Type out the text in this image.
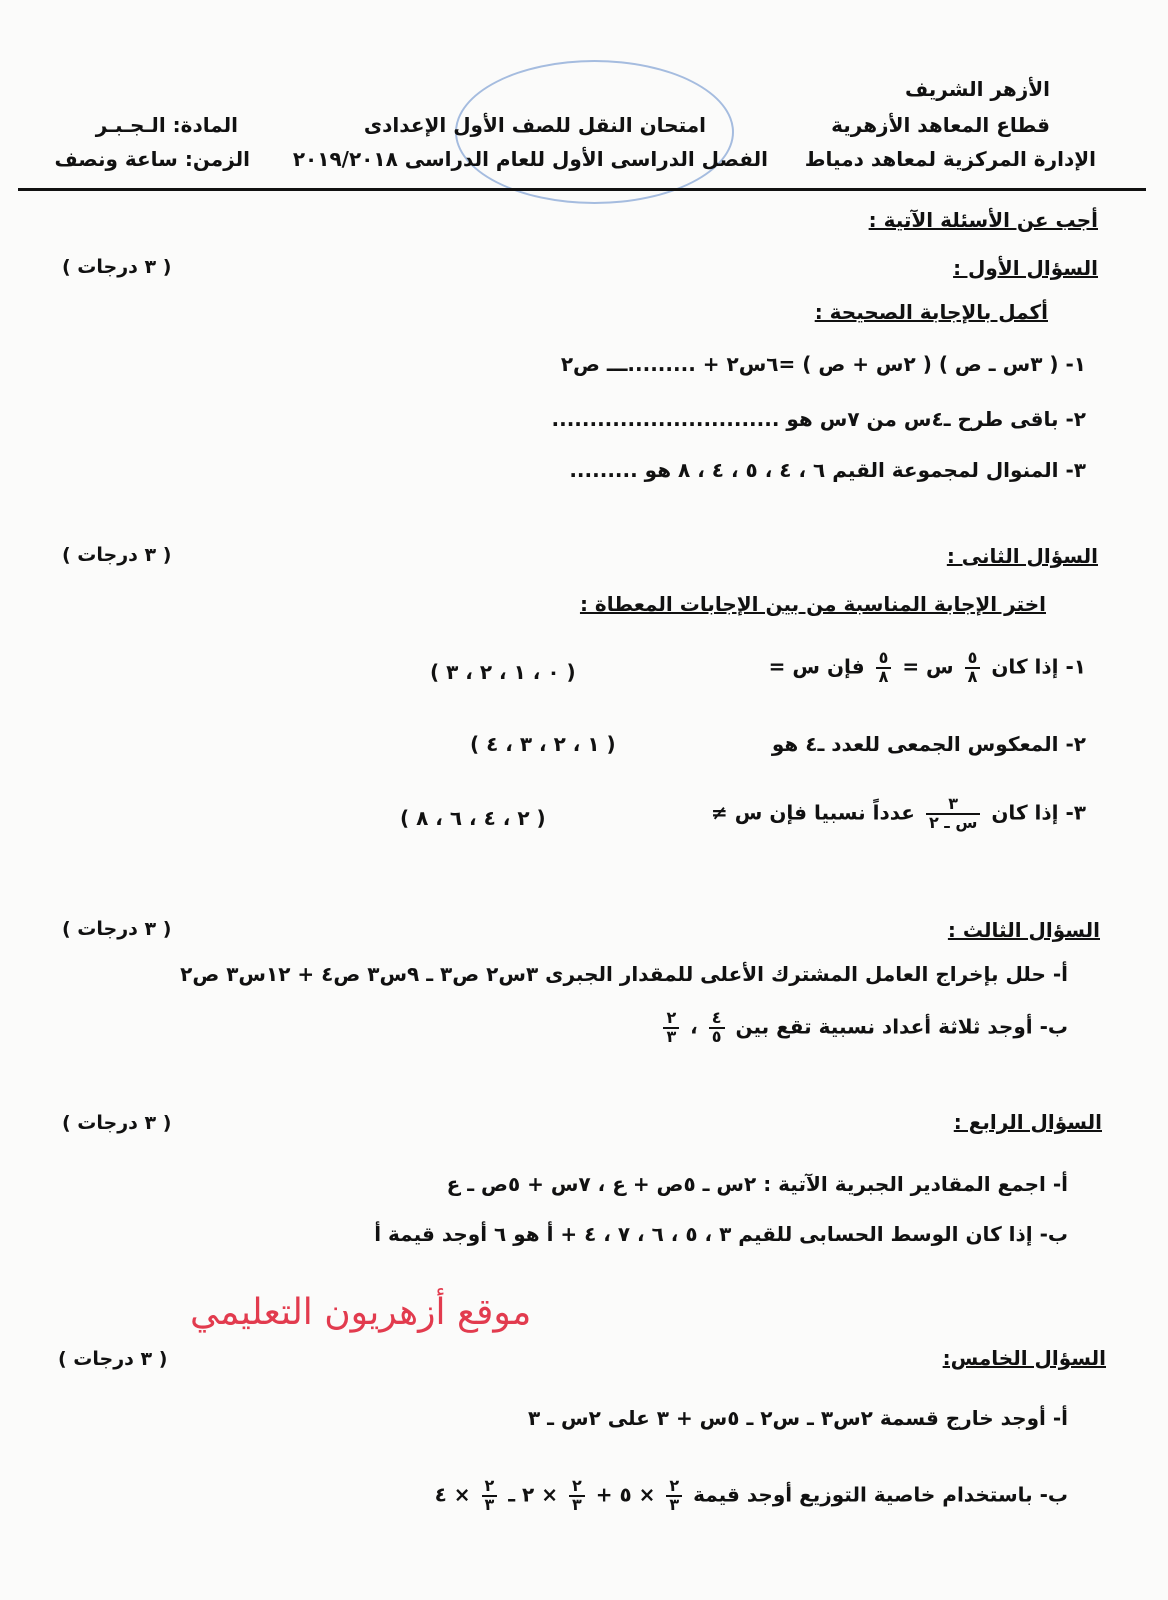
الأزهر الشريف
قطاع المعاهد الأزهرية
الإدارة المركزية لمعاهد دمياط
امتحان النقل للصف الأول الإعدادى
الفصل الدراسى الأول للعام الدراسى ٢٠١٩/٢٠١٨
المادة: الـجـبـر
الزمن: ساعة ونصف
أجب عن الأسئلة الآتية :
السؤال الأول :
( ٣ درجات )
أكمل بالإجابة الصحيحة :
١- ( ٣س ـ ص ) ( ٢س + ص ) =٦س٢ + .........ـــ ص٢
٢- باقى طرح ـ٤س من ٧س هو ..............................
٣- المنوال لمجموعة القيم ٦ ، ٤ ، ٥ ، ٤ ، ٨ هو .........
السؤال الثانى :
( ٣ درجات )
اختر الإجابة المناسبة من بين الإجابات المعطاة :
١- إذا كان
$\frac{٥}{٨}$
س =
$\frac{٥}{٨}$
فإن س =
( ٠ ، ١ ، ٢ ، ٣ )
٢- المعكوس الجمعى للعدد ـ٤ هو
( ١ ، ٢ ، ٣ ، ٤ )
٣- إذا كان
$\frac{٣}{\text{س ـ ٢}}$
عدداً نسبيا فإن س ≠
( ٢ ، ٤ ، ٦ ، ٨ )
السؤال الثالث :
( ٣ درجات )
أ- حلل بإخراج العامل المشترك الأعلى للمقدار الجبرى ٣س٢ ص٣ ـ ٩س٣ ص٤ + ١٢س٣ ص٢
ب- أوجد ثلاثة أعداد نسبية تقع بين
$\frac{٤}{٥}$
،
$\frac{٢}{٣}$
السؤال الرابع :
( ٣ درجات )
أ- اجمع المقادير الجبرية الآتية : ٢س ـ ٥ص + ع ، ٧س + ٥ص ـ ع
ب- إذا كان الوسط الحسابى للقيم ٣ ، ٥ ، ٦ ، ٧ ، ٤ + أ هو ٦ أوجد قيمة أ
موقع أزهريون التعليمي
السؤال الخامس:
( ٣ درجات )
أ- أوجد خارج قسمة ٢س٣ ـ س٢ ـ ٥س + ٣ على ٢س ـ ٣
ب- باستخدام خاصية التوزيع أوجد قيمة
$\frac{٢}{٣}$
× ٥ +
$\frac{٢}{٣}$
× ٢ ـ
$\frac{٢}{٣}$
× ٤
